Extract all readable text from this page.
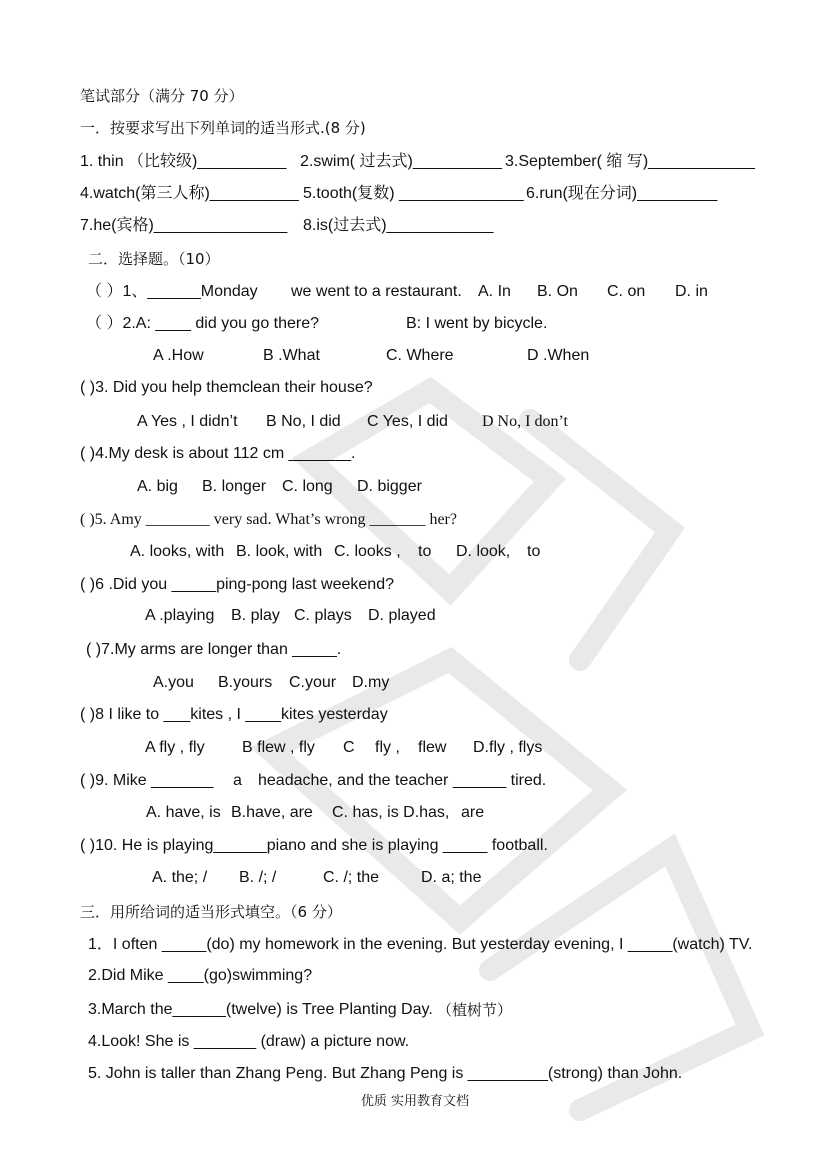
笔试部分（满分 70 分）
一．按要求写出下列单词的适当形式.(8 分)
1. thin （比较级)__________ 2.swim( 过去式)__________ 3.September( 缩 写)____________
4.watch(第三人称)__________ 5.tooth(复数) ______________ 6.run(现在分词)_________
7.he(宾格)_______________ 8.is(过去式)____________
二．选择题。（10）
（ ）1、______Monday we went to a restaurant. A. In B. On C. on D. in
（ ）2.A: ____ did you go there?	B: I went by bicycle.
A .How	B .What	C. Where	D .When
( )3. Did you help themclean their house?
A Yes , I didn’t B No, I did C Yes, I did D No, I don’t
( )4.My desk is about 112 cm _______.
A. big B. longer C. long D. bigger
( )5. Amy ________ very sad. What’s wrong _______ her?
A. looks, with B. look, with C. looks , to D. look, to
( )6 .Did you _____ping-pong last weekend?
A .playing B. play C. plays D. played
( )7.My arms are longer than _____.
A.you B.yours C.your D.my
( )8 I like to ___kites , I ____kites yesterday
A fly , fly B flew , fly C fly , flew D.fly , flys
( )9. Mike _______ a headache, and the teacher ______ tired.
A. have, is B.have, are C. has, is D.has, are
( )10. He is playing______piano and she is playing _____ football.
A. the; / B. /; /	C. /; the	D. a; the
三．用所给词的适当形式填空。（6 分）
1．I often _____(do) my homework in the evening. But yesterday evening, I _____(watch) TV.
2.Did Mike ____(go)swimming?
3.March the______(twelve) is Tree Planting Day. （植树节）
4.Look! She is _______ (draw) a picture now.
5. John is taller than Zhang Peng. But Zhang Peng is _________(strong) than John.
优质 实用教育文档
